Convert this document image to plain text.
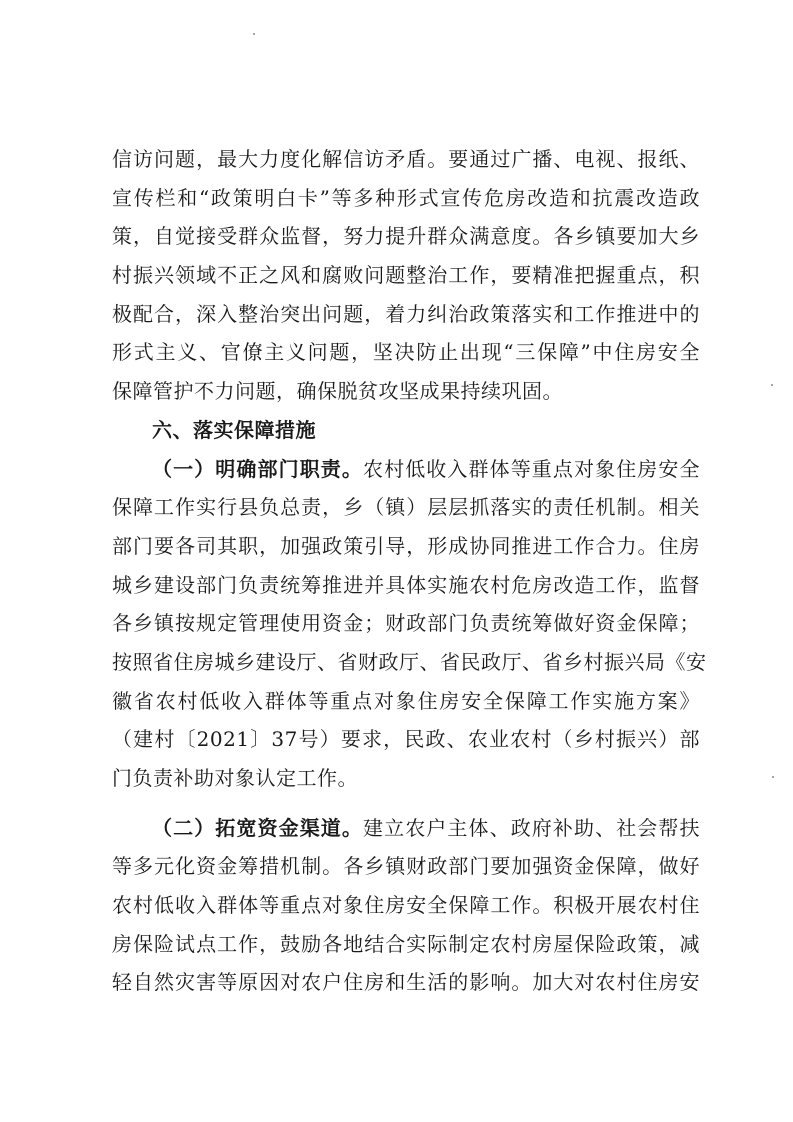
信访问题，最大力度化解信访矛盾。要通过广播、电视、报纸、
宣传栏和“政策明白卡”等多种形式宣传危房改造和抗震改造政
策，自觉接受群众监督，努力提升群众满意度。各乡镇要加大乡
村振兴领域不正之风和腐败问题整治工作，要精准把握重点，积
极配合，深入整治突出问题，着力纠治政策落实和工作推进中的
形式主义、官僚主义问题，坚决防止出现“三保障”中住房安全
保障管护不力问题，确保脱贫攻坚成果持续巩固。
六、落实保障措施
（一）明确部门职责。农村低收入群体等重点对象住房安全
保障工作实行县负总责，乡（镇）层层抓落实的责任机制。相关
部门要各司其职，加强政策引导，形成协同推进工作合力。住房
城乡建设部门负责统筹推进并具体实施农村危房改造工作，监督
各乡镇按规定管理使用资金；财政部门负责统筹做好资金保障；
按照省住房城乡建设厅、省财政厅、省民政厅、省乡村振兴局《安
徽省农村低收入群体等重点对象住房安全保障工作实施方案》
（建村〔2021〕37号）要求，民政、农业农村（乡村振兴）部
门负责补助对象认定工作。
（二）拓宽资金渠道。建立农户主体、政府补助、社会帮扶
等多元化资金筹措机制。各乡镇财政部门要加强资金保障，做好
农村低收入群体等重点对象住房安全保障工作。积极开展农村住
房保险试点工作，鼓励各地结合实际制定农村房屋保险政策，减
轻自然灾害等原因对农户住房和生活的影响。加大对农村住房安
